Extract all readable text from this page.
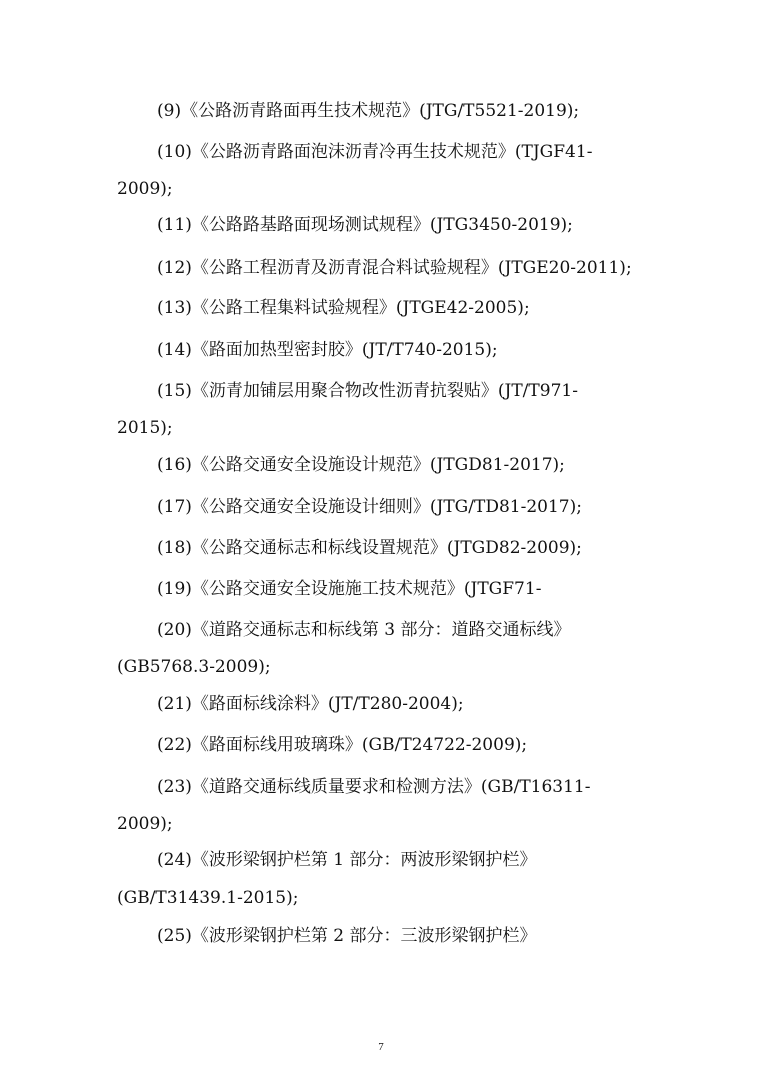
(9)《公路沥青路面再生技术规范》(JTG/T5521-2019);
(10)《公路沥青路面泡沫沥青冷再生技术规范》(TJGF41-
2009);
(11)《公路路基路面现场测试规程》(JTG3450-2019);
(12)《公路工程沥青及沥青混合料试验规程》(JTGE20-2011);
(13)《公路工程集料试验规程》(JTGE42-2005);
(14)《路面加热型密封胶》(JT/T740-2015);
(15)《沥青加铺层用聚合物改性沥青抗裂贴》(JT/T971-
2015);
(16)《公路交通安全设施设计规范》(JTGD81-2017);
(17)《公路交通安全设施设计细则》(JTG/TD81-2017);
(18)《公路交通标志和标线设置规范》(JTGD82-2009);
(19)《公路交通安全设施施工技术规范》(JTGF71-
(20)《道路交通标志和标线第 3 部分：道路交通标线》
(GB5768.3-2009);
(21)《路面标线涂料》(JT/T280-2004);
(22)《路面标线用玻璃珠》(GB/T24722-2009);
(23)《道路交通标线质量要求和检测方法》(GB/T16311-
2009);
(24)《波形梁钢护栏第 1 部分：两波形梁钢护栏》
(GB/T31439.1-2015);
(25)《波形梁钢护栏第 2 部分：三波形梁钢护栏》
7
